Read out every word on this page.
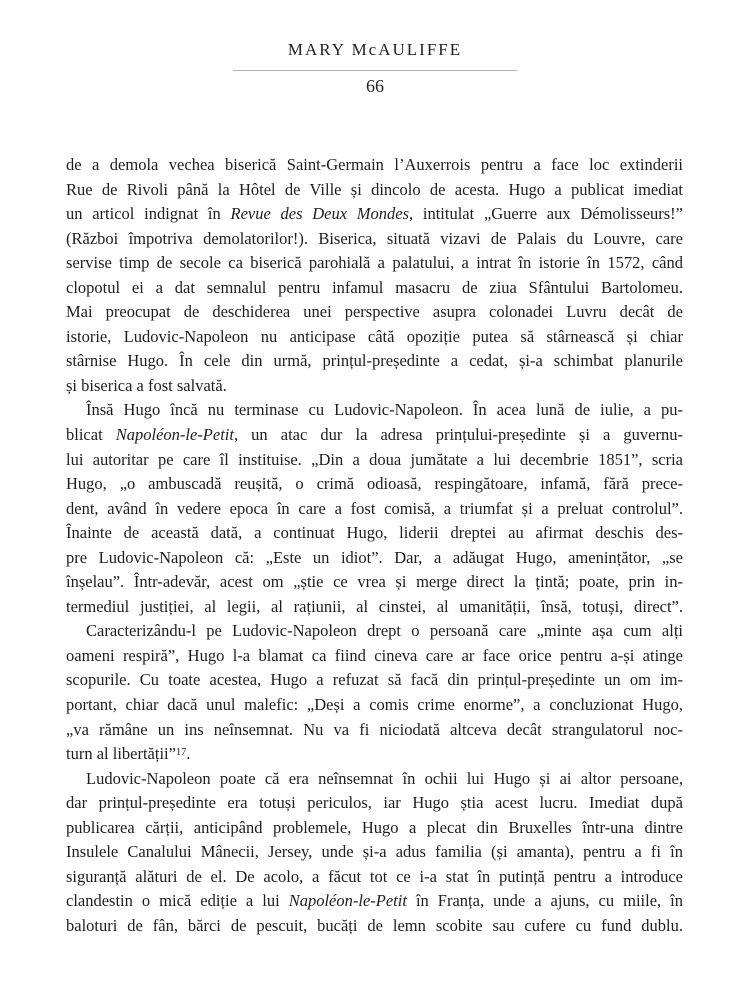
MARY McAULIFFE
66
de a demola vechea biserică Saint-Germain l’Auxerrois pentru a face loc extinderii
Rue de Rivoli până la Hôtel de Ville și dincolo de acesta. Hugo a publicat imediat
un articol indignat în Revue des Deux Mondes, intitulat „Guerre aux Démolisseurs!”
(Război împotriva demolatorilor!). Biserica, situată vizavi de Palais du Louvre, care
servise timp de secole ca biserică parohială a palatului, a intrat în istorie în 1572, când
clopotul ei a dat semnalul pentru infamul masacru de ziua Sfântului Bartolomeu.
Mai preocupat de deschiderea unei perspective asupra colonadei Luvru decât de
istorie, Ludovic-Napoleon nu anticipase câtă opoziție putea să stârnească și chiar
stârnise Hugo. În cele din urmă, prințul-președinte a cedat, și-a schimbat planurile
și biserica a fost salvată.
Însă Hugo încă nu terminase cu Ludovic-Napoleon. În acea lună de iulie, a pu-
blicat Napoléon-le-Petit, un atac dur la adresa prințului-președinte și a guvernu-
lui autoritar pe care îl instituise. „Din a doua jumătate a lui decembrie 1851”, scria
Hugo, „o ambuscadă reușită, o crimă odioasă, respingătoare, infamă, fără prece-
dent, având în vedere epoca în care a fost comisă, a triumfat și a preluat controlul”.
Înainte de această dată, a continuat Hugo, liderii dreptei au afirmat deschis des-
pre Ludovic-Napoleon că: „Este un idiot”. Dar, a adăugat Hugo, amenințător, „se
înșelau”. Într-adevăr, acest om „știe ce vrea și merge direct la țintă; poate, prin in-
termediul justiției, al legii, al rațiunii, al cinstei, al umanității, însă, totuși, direct”.
Caracterizându-l pe Ludovic-Napoleon drept o persoană care „minte așa cum alți
oameni respiră”, Hugo l-a blamat ca fiind cineva care ar face orice pentru a-și atinge
scopurile. Cu toate acestea, Hugo a refuzat să facă din prințul-președinte un om im-
portant, chiar dacă unul malefic: „Deși a comis crime enorme”, a concluzionat Hugo,
„va rămâne un ins neînsemnat. Nu va fi niciodată altceva decât strangulatorul noc-
turn al libertății”$^{17}$.
Ludovic-Napoleon poate că era neînsemnat în ochii lui Hugo și ai altor persoane,
dar prințul-președinte era totuși periculos, iar Hugo știa acest lucru. Imediat după
publicarea cărții, anticipând problemele, Hugo a plecat din Bruxelles într-una dintre
Insulele Canalului Mânecii, Jersey, unde și-a adus familia (și amanta), pentru a fi în
siguranță alături de el. De acolo, a făcut tot ce i-a stat în putință pentru a introduce
clandestin o mică ediție a lui Napoléon-le-Petit în Franța, unde a ajuns, cu miile, în
baloturi de fân, bărci de pescuit, bucăți de lemn scobite sau cufere cu fund dublu.
